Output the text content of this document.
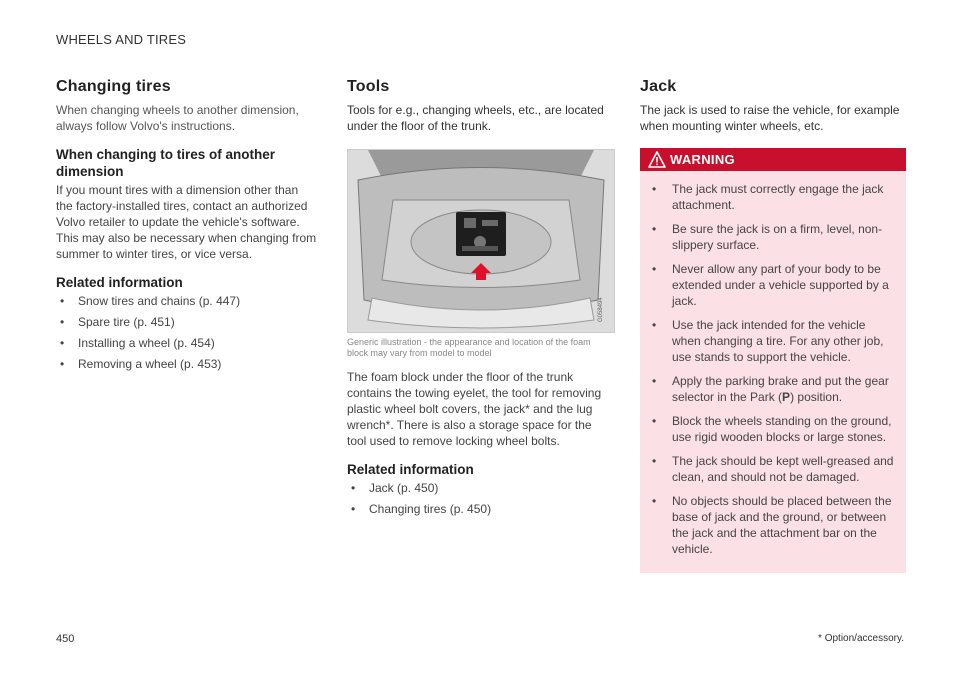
WHEELS AND TIRES
Changing tires

When changing wheels to another dimension, always follow Volvo's instructions.

When changing to tires of another dimension

If you mount tires with a dimension other than the factory-installed tires, contact an authorized Volvo retailer to update the vehicle's software. This may also be necessary when changing from summer to winter tires, or vice versa.

Related information
• Snow tires and chains (p. 447)
• Spare tire (p. 451)
• Installing a wheel (p. 454)
• Removing a wheel (p. 453)
Tools

Tools for e.g., changing wheels, etc., are located under the floor of the trunk.

G058494
Generic illustration - the appearance and location of the foam block may vary from model to model

The foam block under the floor of the trunk contains the towing eyelet, the tool for removing plastic wheel bolt covers, the jack* and the lug wrench*. There is also a storage space for the tool used to remove locking wheel bolts.

Related information
• Jack (p. 450)
• Changing tires (p. 450)
Jack

The jack is used to raise the vehicle, for example when mounting winter wheels, etc.

WARNING
• The jack must correctly engage the jack attachment.
• Be sure the jack is on a firm, level, non-slippery surface.
• Never allow any part of your body to be extended under a vehicle supported by a jack.
• Use the jack intended for the vehicle when changing a tire. For any other job, use stands to support the vehicle.
• Apply the parking brake and put the gear selector in the Park (P) position.
• Block the wheels standing on the ground, use rigid wooden blocks or large stones.
• The jack should be kept well-greased and clean, and should not be damaged.
• No objects should be placed between the base of jack and the ground, or between the jack and the attachment bar on the vehicle.
450	* Option/accessory.
